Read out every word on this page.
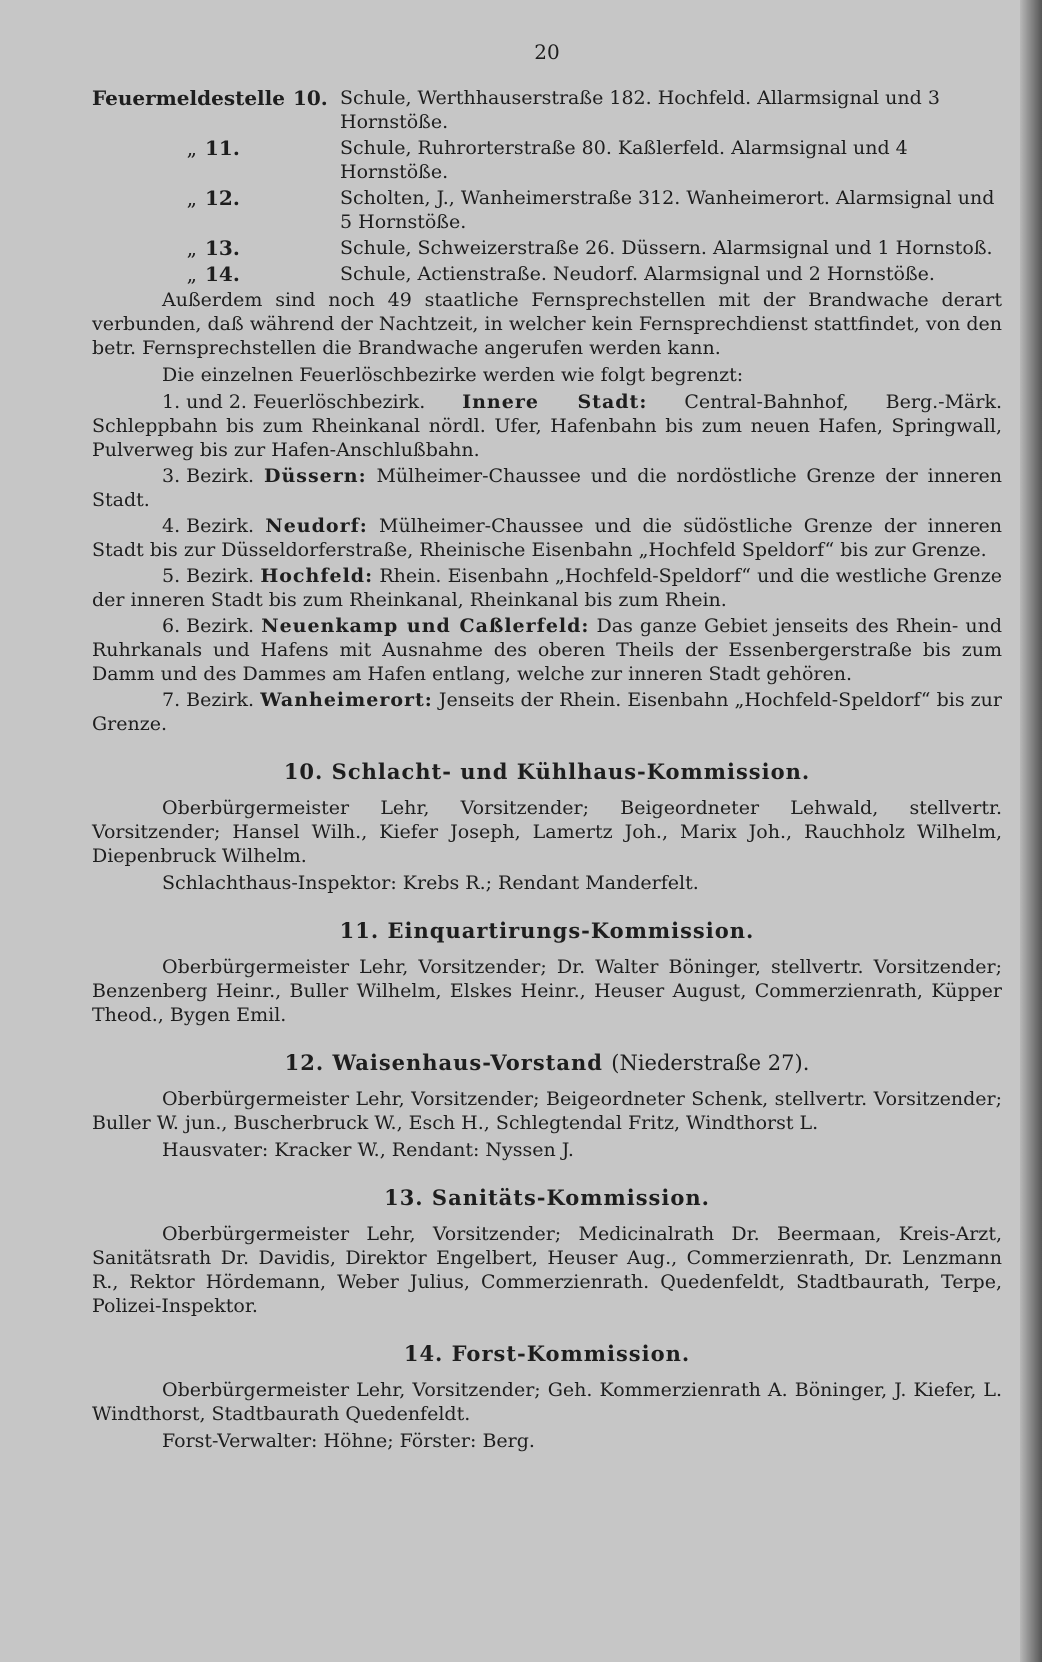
20
Feuermeldestelle 10. Schule, Werthhauserstraße 182. Hochfeld. Allarmsignal und 3 Hornstöße.
„ 11.	Schule, Ruhrorterstraße 80. Kaßlerfeld. Alarmsignal und 4 Hornstöße.
„ 12.	Scholten, J., Wanheimerstraße 312. Wanheimerort. Alarmsignal und 5 Hornstöße.
„ 13.	Schule, Schweizerstraße 26. Düssern. Alarmsignal und 1 Hornstoß.
„ 14.	Schule, Actienstraße. Neudorf. Alarmsignal und 2 Hornstöße.

Außerdem sind noch 49 staatliche Fernsprechstellen mit der Brandwache derart verbunden, daß während der Nachtzeit, in welcher kein Fernsprechdienst stattfindet, von den betr. Fernsprechstellen die Brandwache angerufen werden kann.

Die einzelnen Feuerlöschbezirke werden wie folgt begrenzt:

1. und 2. Feuerlöschbezirk. Innere Stadt: Central-Bahnhof, Berg.-Märk. Schleppbahn bis zum Rheinkanal nördl. Ufer, Hafenbahn bis zum neuen Hafen, Springwall, Pulverweg bis zur Hafen-Anschlußbahn.

3. Bezirk. Düssern: Mülheimer-Chaussee und die nordöstliche Grenze der inneren Stadt.

4. Bezirk. Neudorf: Mülheimer-Chaussee und die südöstliche Grenze der inneren Stadt bis zur Düsseldorferstraße, Rheinische Eisenbahn „Hochfeld Speldorf“ bis zur Grenze.

5. Bezirk. Hochfeld: Rhein. Eisenbahn „Hochfeld-Speldorf“ und die westliche Grenze der inneren Stadt bis zum Rheinkanal, Rheinkanal bis zum Rhein.

6. Bezirk. Neuenkamp und Caßlerfeld: Das ganze Gebiet jenseits des Rhein- und Ruhrkanals und Hafens mit Ausnahme des oberen Theils der Essenbergerstraße bis zum Damm und des Dammes am Hafen entlang, welche zur inneren Stadt gehören.

7. Bezirk. Wanheimerort: Jenseits der Rhein. Eisenbahn „Hochfeld-Speldorf“ bis zur Grenze.

10. Schlacht- und Kühlhaus-Kommission.

Oberbürgermeister Lehr, Vorsitzender; Beigeordneter Lehwald, stellvertr. Vorsitzender; Hansel Wilh., Kiefer Joseph, Lamertz Joh., Marix Joh., Rauchholz Wilhelm, Diepenbruck Wilhelm.

Schlachthaus-Inspektor: Krebs R.; Rendant Manderfelt.

11. Einquartirungs-Kommission.

Oberbürgermeister Lehr, Vorsitzender; Dr. Walter Böninger, stellvertr. Vorsitzender; Benzenberg Heinr., Buller Wilhelm, Elskes Heinr., Heuser August, Commerzienrath, Küpper Theod., Bygen Emil.

12. Waisenhaus-Vorstand (Niederstraße 27).

Oberbürgermeister Lehr, Vorsitzender; Beigeordneter Schenk, stellvertr. Vorsitzender; Buller W. jun., Buscherbruck W., Esch H., Schlegtendal Fritz, Windthorst L.

Hausvater: Kracker W., Rendant: Nyssen J.

13. Sanitäts-Kommission.

Oberbürgermeister Lehr, Vorsitzender; Medicinalrath Dr. Beermaan, Kreis-Arzt, Sanitätsrath Dr. Davidis, Direktor Engelbert, Heuser Aug., Commerzienrath, Dr. Lenzmann R., Rektor Hördemann, Weber Julius, Commerzienrath. Quedenfeldt, Stadtbaurath, Terpe, Polizei-Inspektor.

14. Forst-Kommission.

Oberbürgermeister Lehr, Vorsitzender; Geh. Kommerzienrath A. Böninger, J. Kiefer, L. Windthorst, Stadtbaurath Quedenfeldt.

Forst-Verwalter: Höhne; Förster: Berg.
